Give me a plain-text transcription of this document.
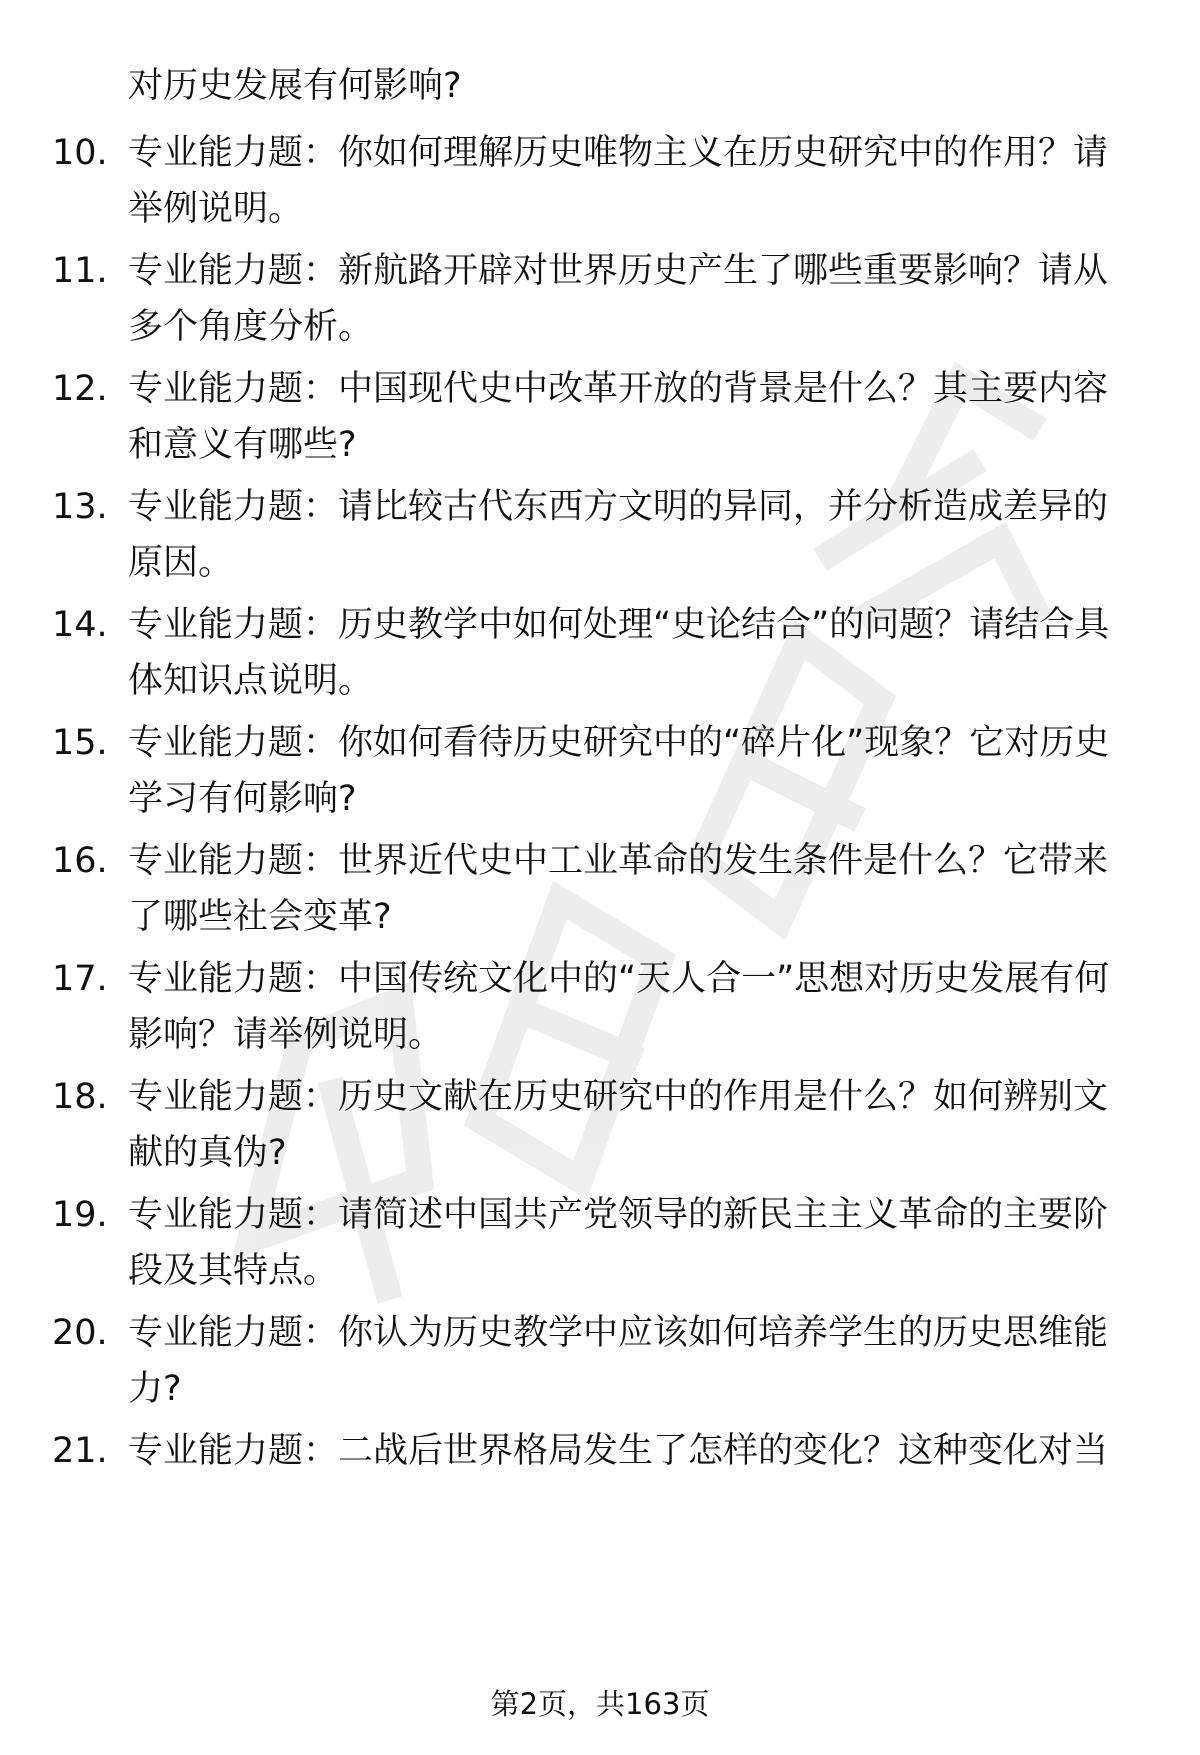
对历史发展有何影响?

10. 专业能力题：你如何理解历史唯物主义在历史研究中的作用？请举例说明。

11. 专业能力题：新航路开辟对世界历史产生了哪些重要影响？请从多个角度分析。

12. 专业能力题：中国现代史中改革开放的背景是什么？其主要内容和意义有哪些?

13. 专业能力题：请比较古代东西方文明的异同，并分析造成差异的原因。

14. 专业能力题：历史教学中如何处理“史论结合”的问题？请结合具体知识点说明。

15. 专业能力题：你如何看待历史研究中的“碎片化”现象？它对历史学习有何影响?

16. 专业能力题：世界近代史中工业革命的发生条件是什么？它带来了哪些社会变革?

17. 专业能力题：中国传统文化中的“天人合一”思想对历史发展有何影响？请举例说明。

18. 专业能力题：历史文献在历史研究中的作用是什么？如何辨别文献的真伪?

19. 专业能力题：请简述中国共产党领导的新民主主义革命的主要阶段及其特点。

20. 专业能力题：你认为历史教学中应该如何培养学生的历史思维能力?

21. 专业能力题：二战后世界格局发生了怎样的变化？这种变化对当

第2页，共163页
